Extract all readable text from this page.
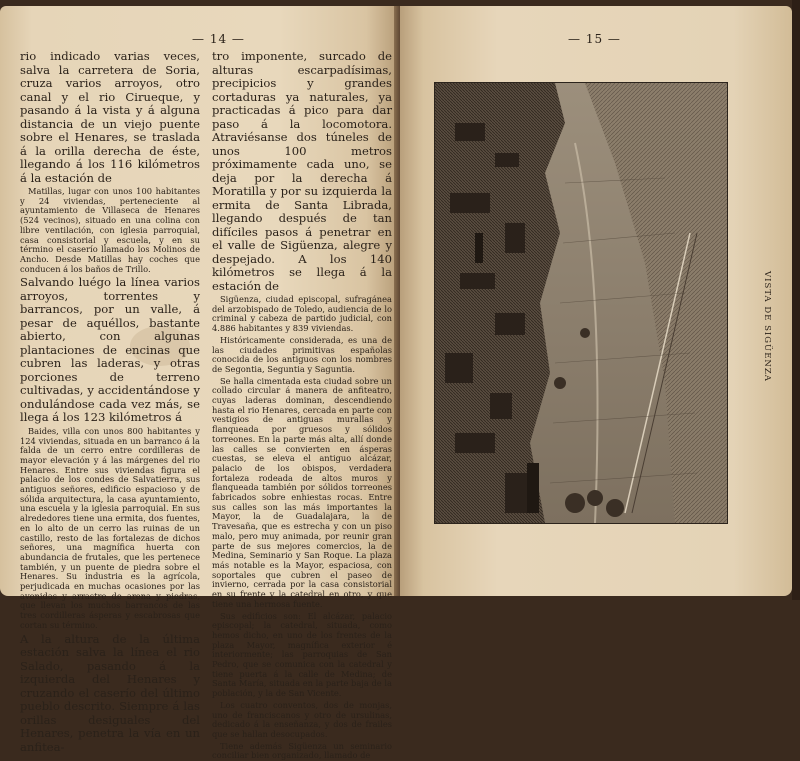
— 14 —

rio indicado varias veces, salva la carretera de Soria, cruza varios arroyos, otro canal y el rio Cirueque, y pasando á la vista y á alguna distancia de un viejo puente sobre el Henares, se traslada á la orilla derecha de éste, llegando á los 116 kilómetros á la estación de

Matillas, lugar con unos 100 habitantes y 24 viviendas, perteneciente al ayuntamiento de Villaseca de Henares (524 vecinos), situado en una colina con libre ventilación, con iglesia parroquial, casa consistorial y escuela, y en su término el caserío llamado los Molinos de Ancho. Desde Matillas hay coches que conducen á los baños de Trillo.

Salvando luégo la línea varios arroyos, torrentes y barrancos, por un valle, á pesar de aquéllos, bastante abierto, con algunas plantaciones de encinas que cubren las laderas, y otras porciones de terreno cultivadas, y accidentándose y ondulándose cada vez más, se llega á los 123 kilómetros á

Baides, villa con unos 800 habitantes y 124 viviendas, situada en un barranco á la falda de un cerro entre cordilleras de mayor elevación y á las márgenes del rio Henares. Entre sus viviendas figura el palacio de los condes de Salvatierra, sus antiguos señores, edificio espacioso y de sólida arquitectura, la casa ayuntamiento, una escuela y la iglesia parroquial. En sus alrededores tiene una ermita, dos fuentes, en lo alto de un cerro las ruinas de un castillo, resto de las fortalezas de dichos señores, una magnífica huerta con abundancia de frutales, que les pertenece también, y un puente de piedra sobre el Henares. Su industria es la agrícola, perjudicada en muchas ocasiones por las avenidas y arrastre de arena y piedras, que llevan los muchos barrancos de las tres cordilleras ásperas y escabrosas que cortan su término.

A la altura de la última estación salva la línea el rio Salado, pasando á la izquierda del Henares y cruzando el caserío del último pueblo descrito. Siempre á las orillas desiguales del Henares, penetra la vía en un anfitea-

tro imponente, surcado de alturas escarpadísimas, precipicios y grandes cortaduras ya naturales, ya practicadas á pico para dar paso á la locomotora. Atraviésanse dos túneles de unos 100 metros próximamente cada uno, se deja por la derecha á Moratilla y por su izquierda la ermita de Santa Librada, llegando después de tan difíciles pasos á penetrar en el valle de Sigüenza, alegre y despejado. A los 140 kilómetros se llega á la estación de

Sigüenza, ciudad episcopal, sufragánea del arzobispado de Toledo, audiencia de lo criminal y cabeza de partido judicial, con 4.886 habitantes y 839 viviendas.

Históricamente considerada, es una de las ciudades primitivas españolas conocida de los antiguos con los nombres de Segontia, Seguntia y Saguntia.

Se halla cimentada esta ciudad sobre un collado circular á manera de anfiteatro, cuyas laderas dominan, descendiendo hasta el rio Henares, cercada en parte con vestigios de antiguas murallas y flanqueada por gruesos y sólidos torreones. En la parte más alta, allí donde las calles se convierten en ásperas cuestas, se eleva el antiguo alcázar, palacio de los obispos, verdadera fortaleza rodeada de altos muros y flanqueada también por sólidos torreones fabricados sobre enhiestas rocas. Entre sus calles son las más importantes la Mayor, la de Guadalajara, la de Travesaña, que es estrecha y con un piso malo, pero muy animada, por reunir gran parte de sus mejores comercios, la de Medina, Seminario y San Roque. La plaza más notable es la Mayor, espaciosa, con soportales que cubren el paseo de invierno, cerrada por la casa consistorial en su frente y la catedral en otro, y que tiene una hermosa fuente.

Sus edificios son: El alcázar, palacio episcopal; la catedral, situada, como hemos dicho, en uno de los frentes de la plaza Mayor, magnífica exterior é interiormente; las parroquias de San Pedro, que se comunica con la catedral y tiene puerta á la calle de Medina; de Santa María, situada en la parte baja de la población, y la de San Vicente.

Los cuatro conventos, dos de monjas, uno de franciscanos y otro de ursulinas, dedicado á la enseñanza, y dos de frailes que se hallan desocupados.

Tiene además Sigüenza un seminario conciliar bien organizado, llamado de

— 15 —
VISTA DE SIGÜENZA
